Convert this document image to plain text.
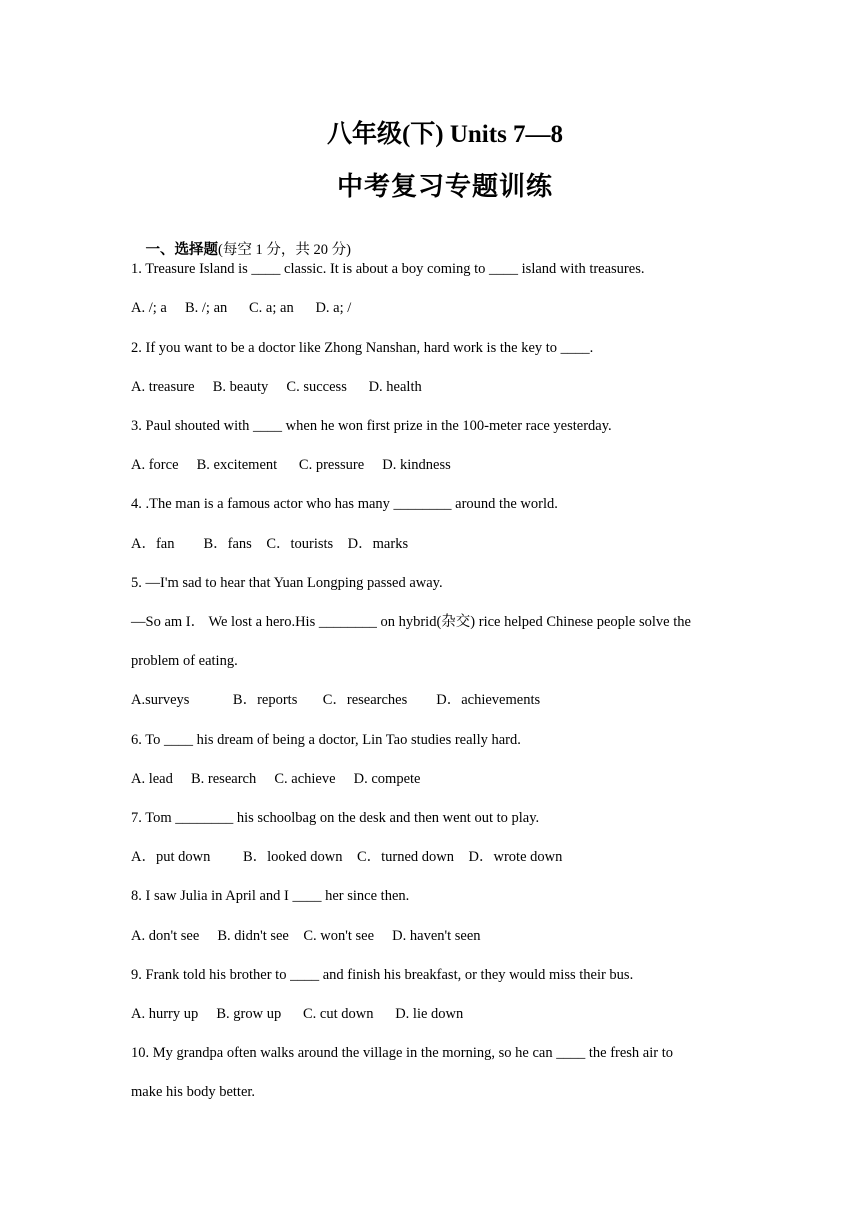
八年级(下) Units 7—8
中考复习专题训练

一、选择题(每空 1 分，共 20 分)

1. Treasure Island is ____ classic. It is about a boy coming to ____ island with treasures.
A. /; a     B. /; an      C. a; an      D. a; /
2. If you want to be a doctor like Zhong Nanshan, hard work is the key to ____.
A. treasure     B. beauty     C. success      D. health
3. Paul shouted with ____ when he won first prize in the 100-meter race yesterday.
A. force     B. excitement      C. pressure     D. kindness
4. .The man is a famous actor who has many ________ around the world.
A．fan        B．fans    C．tourists    D．marks
5. —I'm sad to hear that Yuan Longping passed away.
—So am I． We lost a hero.His ________ on hybrid(杂交) rice helped Chinese people solve the
problem of eating.
A.surveys            B．reports       C．researches        D．achievements
6. To ____ his dream of being a doctor, Lin Tao studies really hard.
A. lead     B. research     C. achieve     D. compete
7. Tom ________ his schoolbag on the desk and then went out to play.
A．put down         B．looked down    C．turned down    D．wrote down
8. I saw Julia in April and I ____ her since then.
A. don't see     B. didn't see    C. won't see     D. haven't seen
9. Frank told his brother to ____ and finish his breakfast, or they would miss their bus.
A. hurry up     B. grow up      C. cut down      D. lie down
10. My grandpa often walks around the village in the morning, so he can ____ the fresh air to
make his body better.
